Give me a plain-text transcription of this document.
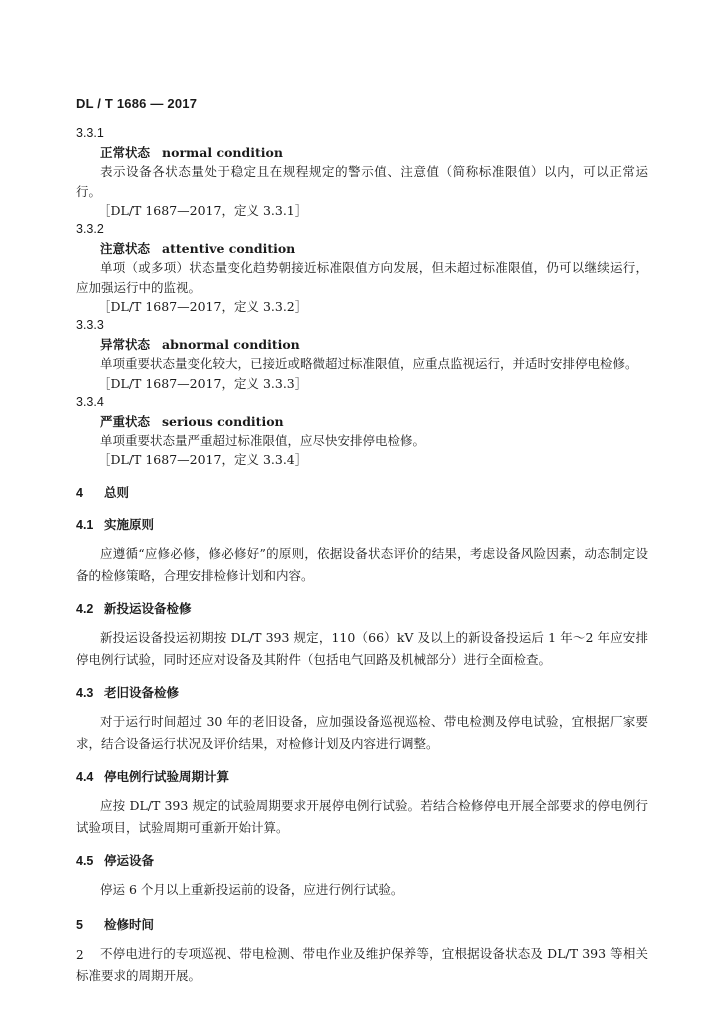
DL / T 1686 — 2017
3.3.1
正常状态 normal condition
表示设备各状态量处于稳定且在规程规定的警示值、注意值（简称标准限值）以内，可以正常运行。
［DL/T 1687—2017，定义 3.3.1］
3.3.2
注意状态 attentive condition
单项（或多项）状态量变化趋势朝接近标准限值方向发展，但未超过标准限值，仍可以继续运行，应加强运行中的监视。
［DL/T 1687—2017，定义 3.3.2］
3.3.3
异常状态 abnormal condition
单项重要状态量变化较大，已接近或略微超过标准限值，应重点监视运行，并适时安排停电检修。
［DL/T 1687—2017，定义 3.3.3］
3.3.4
严重状态 serious condition
单项重要状态量严重超过标准限值，应尽快安排停电检修。
［DL/T 1687—2017，定义 3.3.4］
4 总则
4.1 实施原则

应遵循“应修必修，修必修好”的原则，依据设备状态评价的结果，考虑设备风险因素，动态制定设备的检修策略，合理安排检修计划和内容。

4.2 新投运设备检修

新投运设备投运初期按 DL/T 393 规定，110（66）kV 及以上的新设备投运后 1 年～2 年应安排停电例行试验，同时还应对设备及其附件（包括电气回路及机械部分）进行全面检查。

4.3 老旧设备检修

对于运行时间超过 30 年的老旧设备，应加强设备巡视巡检、带电检测及停电试验，宜根据厂家要求，结合设备运行状况及评价结果，对检修计划及内容进行调整。

4.4 停电例行试验周期计算

应按 DL/T 393 规定的试验周期要求开展停电例行试验。若结合检修停电开展全部要求的停电例行试验项目，试验周期可重新开始计算。

4.5 停运设备

停运 6 个月以上重新投运前的设备，应进行例行试验。

5 检修时间

不停电进行的专项巡视、带电检测、带电作业及维护保养等，宜根据设备状态及 DL/T 393 等相关标准要求的周期开展。

2
